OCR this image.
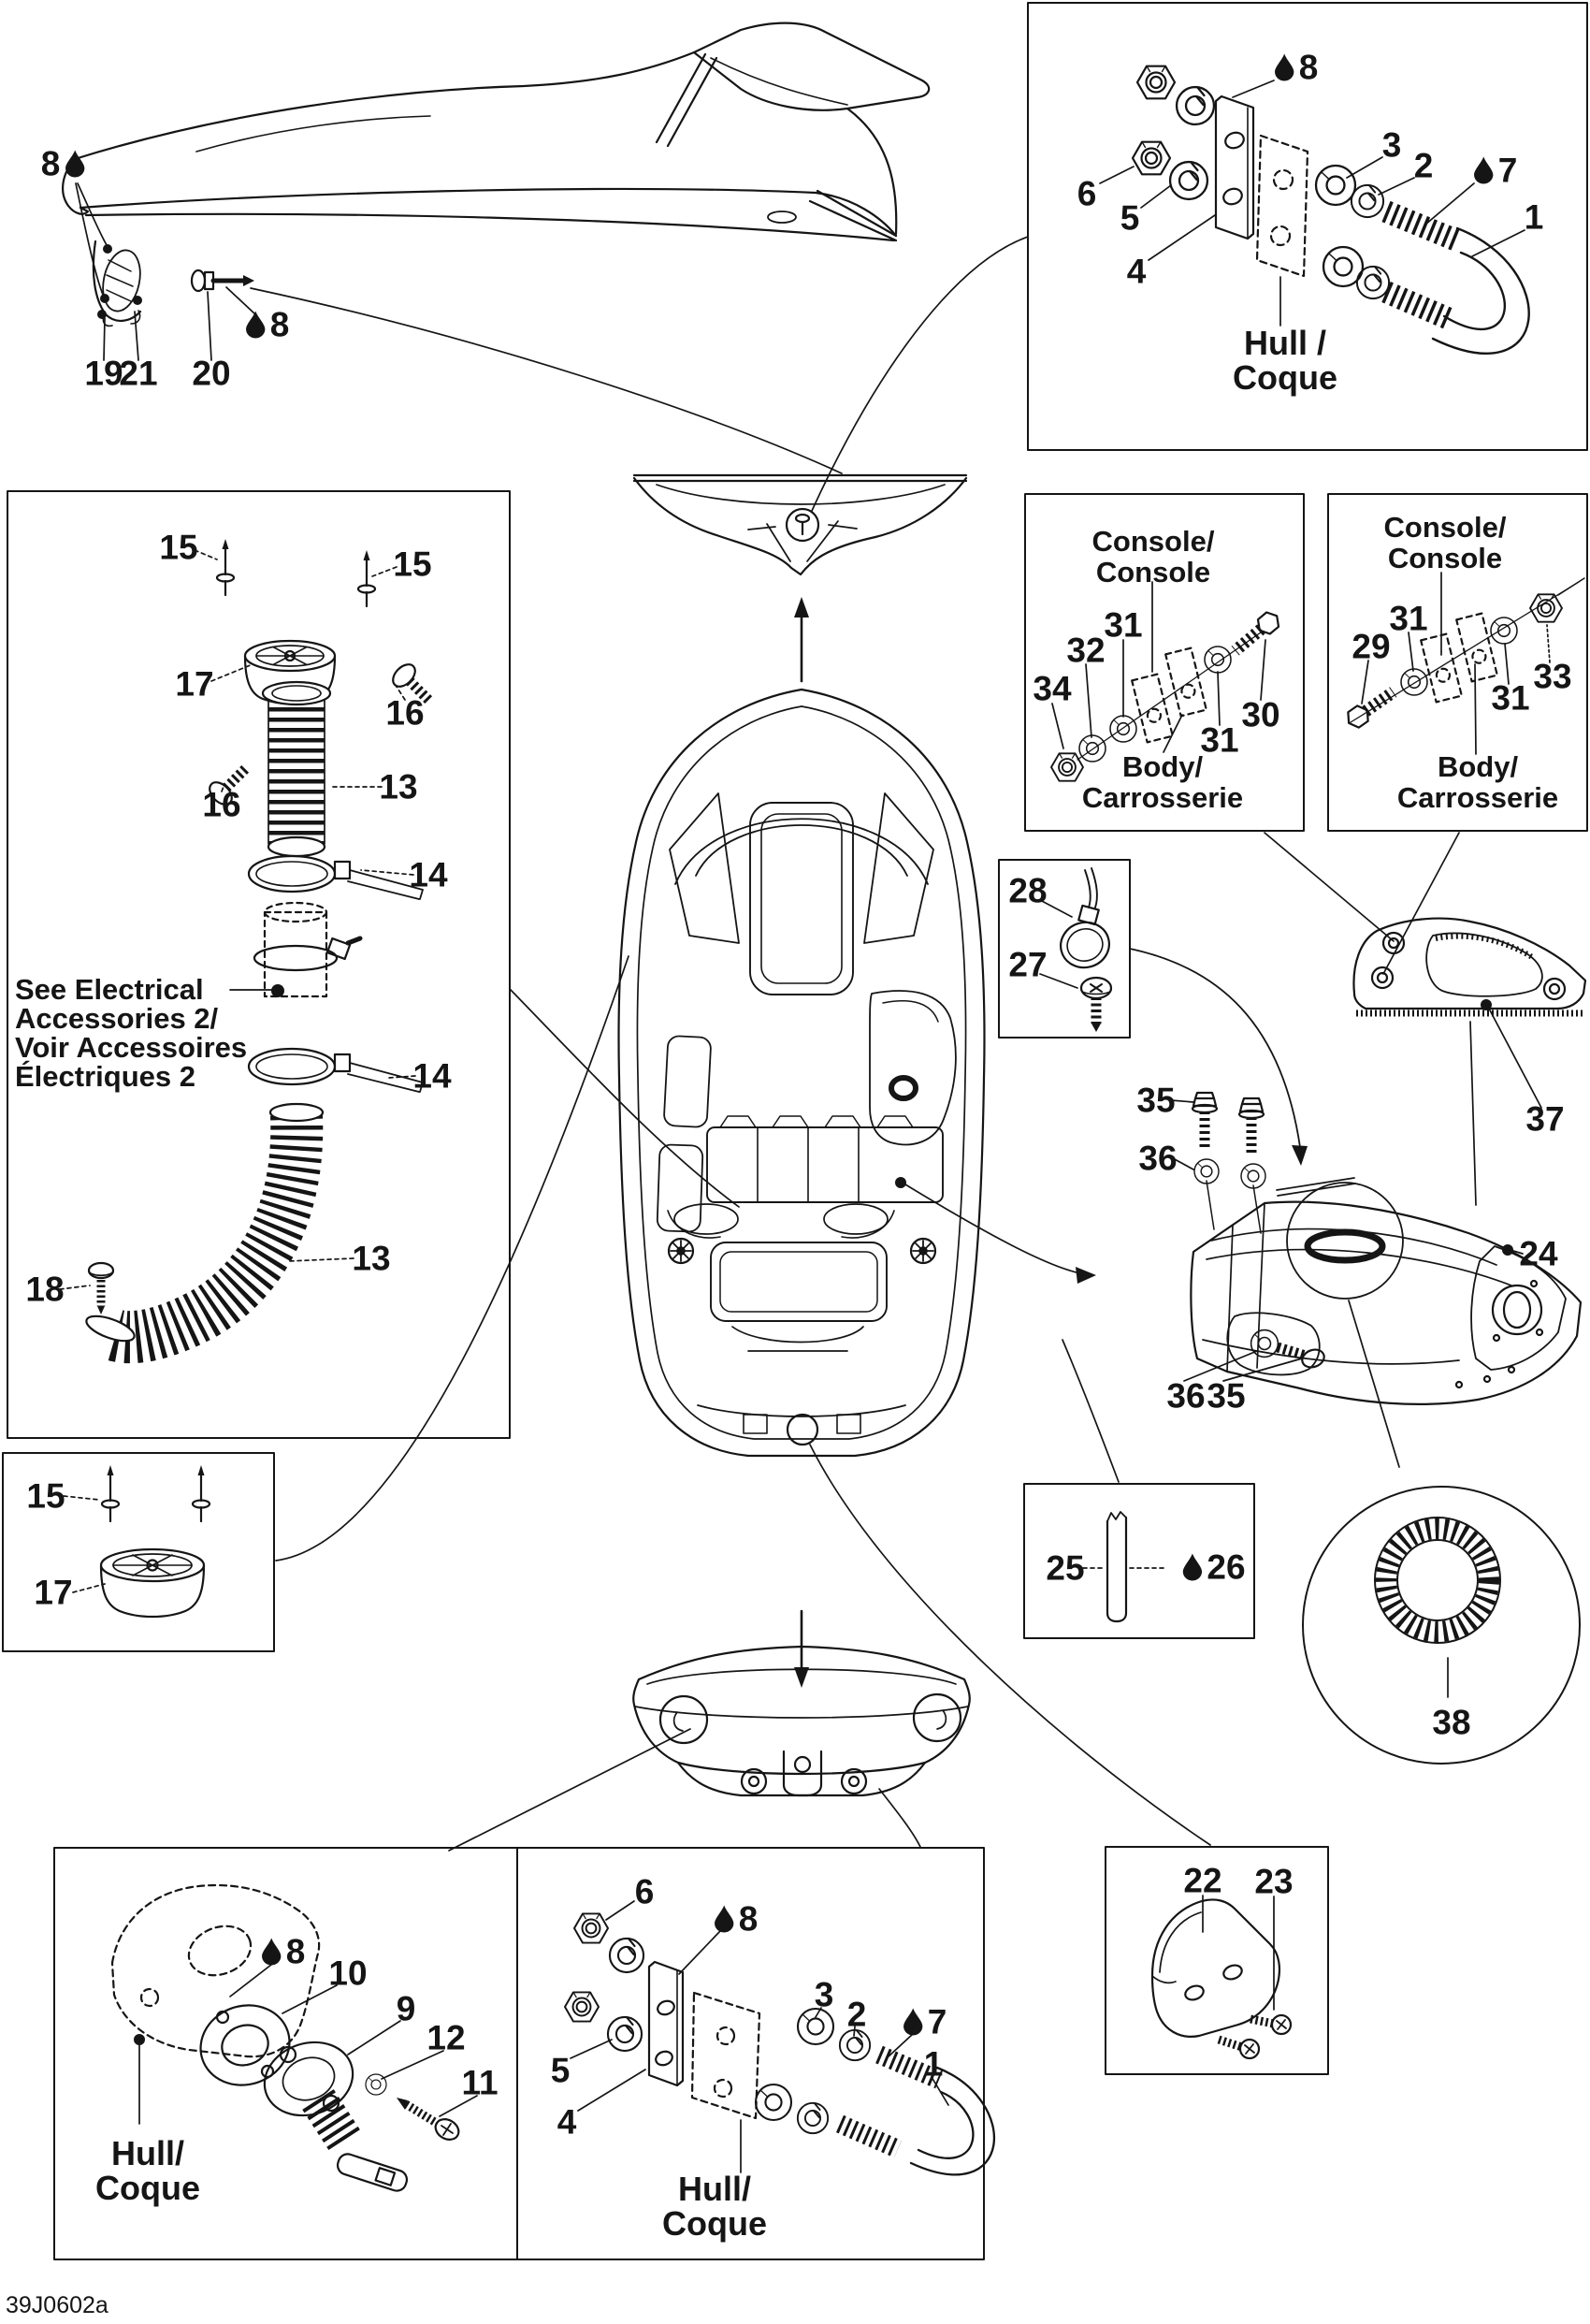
Hull /
Coque
Console/
Console
Body/
Carrosserie
Console/
Console
Body/
Carrosserie
Hull/
Coque	Hull/
Coque
See Electrical
Accessories 2/
Voir Accessoires
Électriques 2
39J0602a
8
19
21 20
8
8
3
2 7
1
6
5
4
15	15
17
16
16	13
14
14
13
18
31
32
34
30
31
31
29
31
33
28
27
37
35
36
24
36 35
25	26
38
15
17
8
10
9
12
11
6
8
5
4
3
2 7
1
22 23
